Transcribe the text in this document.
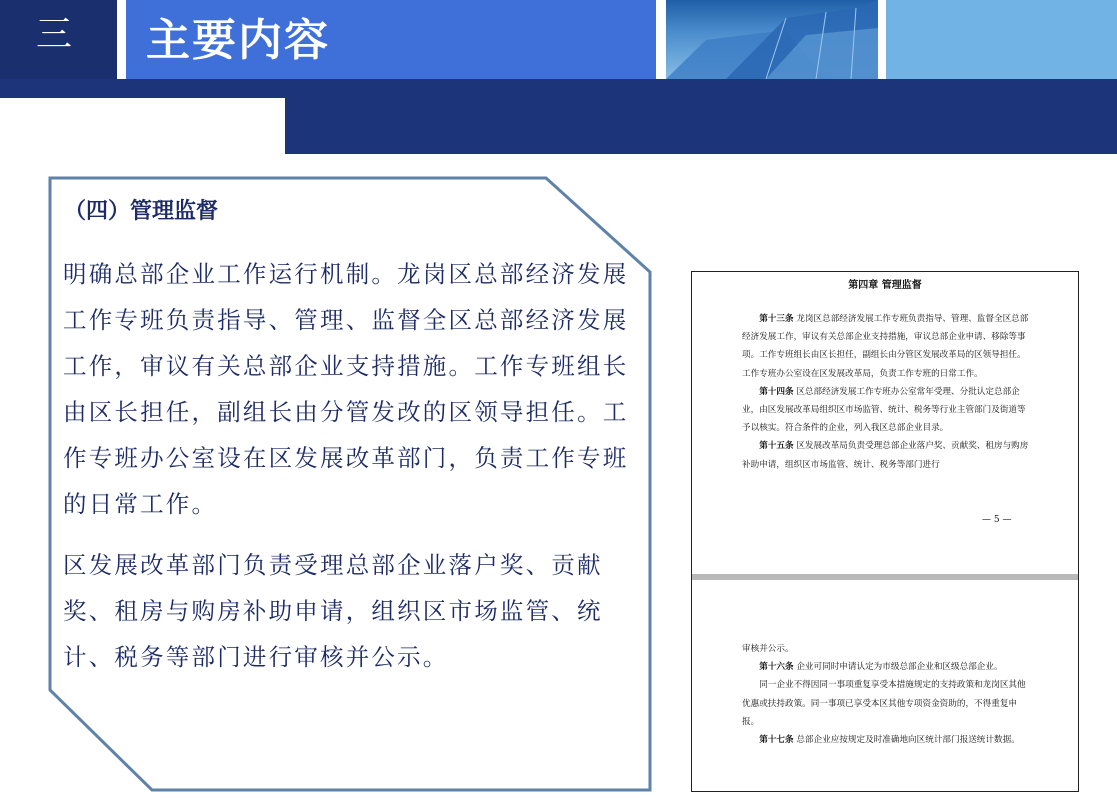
三	主要内容
（四）管理监督

明确总部企业工作运行机制。龙岗区总部经济发展工作专班负责指导、管理、监督全区总部经济发展工作，审议有关总部企业支持措施。工作专班组长由区长担任，副组长由分管发改的区领导担任。工作专班办公室设在区发展改革部门，负责工作专班的日常工作。

区发展改革部门负责受理总部企业落户奖、贡献奖、租房与购房补助申请，组织区市场监管、统计、税务等部门进行审核并公示。

第四章 管理监督

第十三条 龙岗区总部经济发展工作专班负责指导、管理、监督全区总部经济发展工作，审议有关总部企业支持措施，审议总部企业申请、移除等事项。工作专班组长由区长担任，副组长由分管区发展改革局的区领导担任。工作专班办公室设在区发展改革局，负责工作专班的日常工作。

第十四条 区总部经济发展工作专班办公室常年受理、分批认定总部企业，由区发展改革局组织区市场监管、统计、税务等行业主管部门及街道等予以核实。符合条件的企业，列入我区总部企业目录。

第十五条 区发展改革局负责受理总部企业落户奖、贡献奖、租房与购房补助申请，组织区市场监管、统计、税务等部门进行

— 5 —

审核并公示。

第十六条 企业可同时申请认定为市级总部企业和区级总部企业。

同一企业不得因同一事项重复享受本措施规定的支持政策和龙岗区其他优惠或扶持政策。同一事项已享受本区其他专项资金资助的，不得重复申报。

第十七条 总部企业应按规定及时准确地向区统计部门报送统计数据。
